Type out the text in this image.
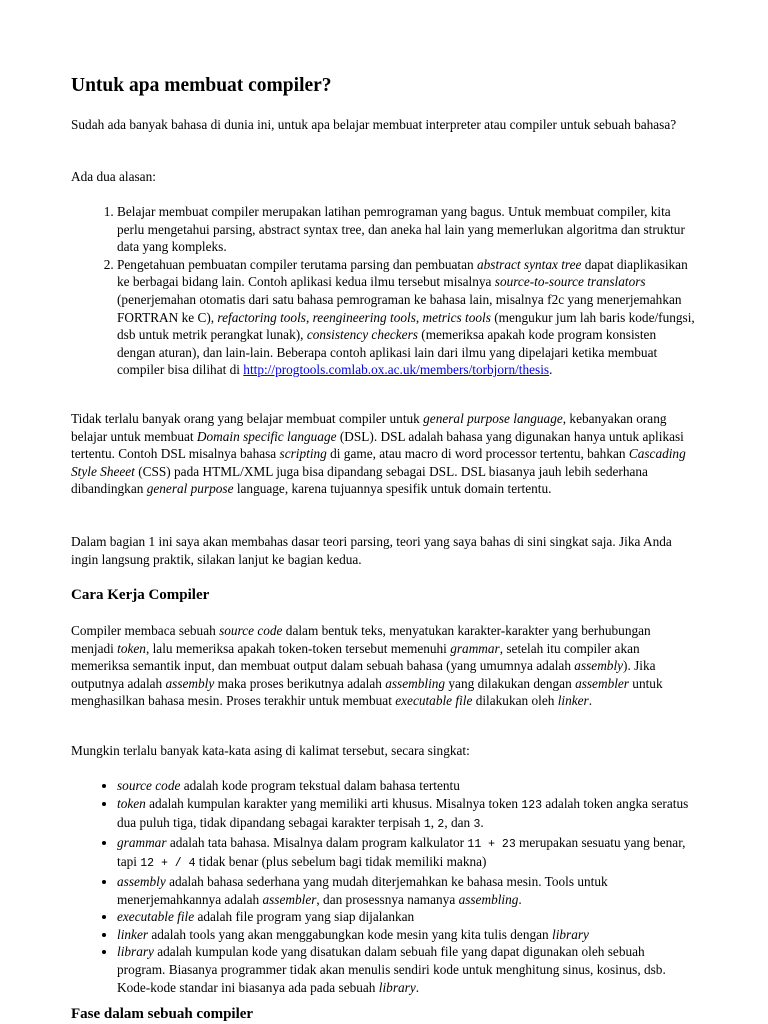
Untuk apa membuat compiler?

Sudah ada banyak bahasa di dunia ini, untuk apa belajar membuat interpreter atau compiler untuk sebuah bahasa?

Ada dua alasan:

1. Belajar membuat compiler merupakan latihan pemrograman yang bagus. Untuk membuat compiler, kita perlu mengetahui parsing, abstract syntax tree, dan aneka hal lain yang memerlukan algoritma dan struktur data yang kompleks.
2. Pengetahuan pembuatan compiler terutama parsing dan pembuatan abstract syntax tree dapat diaplikasikan ke berbagai bidang lain. Contoh aplikasi kedua ilmu tersebut misalnya source-to-source translators (penerjemahan otomatis dari satu bahasa pemrograman ke bahasa lain, misalnya f2c yang menerjemahkan FORTRAN ke C), refactoring tools, reengineering tools, metrics tools (mengukur jum lah baris kode/fungsi, dsb untuk metrik perangkat lunak), consistency checkers (memeriksa apakah kode program konsisten dengan aturan), dan lain-lain. Beberapa contoh aplikasi lain dari ilmu yang dipelajari ketika membuat compiler bisa dilihat di http://progtools.comlab.ox.ac.uk/members/torbjorn/thesis.

Tidak terlalu banyak orang yang belajar membuat compiler untuk general purpose language, kebanyakan orang belajar untuk membuat Domain specific language (DSL). DSL adalah bahasa yang digunakan hanya untuk aplikasi tertentu. Contoh DSL misalnya bahasa scripting di game, atau macro di word processor tertentu, bahkan Cascading Style Sheeet (CSS) pada HTML/XML juga bisa dipandang sebagai DSL. DSL biasanya jauh lebih sederhana dibandingkan general purpose language, karena tujuannya spesifik untuk domain tertentu.

Dalam bagian 1 ini saya akan membahas dasar teori parsing, teori yang saya bahas di sini singkat saja. Jika Anda ingin langsung praktik, silakan lanjut ke bagian kedua.

Cara Kerja Compiler

Compiler membaca sebuah source code dalam bentuk teks, menyatukan karakter-karakter yang berhubungan menjadi token, lalu memeriksa apakah token-token tersebut memenuhi grammar, setelah itu compiler akan memeriksa semantik input, dan membuat output dalam sebuah bahasa (yang umumnya adalah assembly). Jika outputnya adalah assembly maka proses berikutnya adalah assembling yang dilakukan dengan assembler untuk menghasilkan bahasa mesin. Proses terakhir untuk membuat executable file dilakukan oleh linker.

Mungkin terlalu banyak kata-kata asing di kalimat tersebut, secara singkat:

• source code adalah kode program tekstual dalam bahasa tertentu
• token adalah kumpulan karakter yang memiliki arti khusus. Misalnya token 123 adalah token angka seratus dua puluh tiga, tidak dipandang sebagai karakter terpisah 1, 2, dan 3.
• grammar adalah tata bahasa. Misalnya dalam program kalkulator 11 + 23 merupakan sesuatu yang benar, tapi 12 + / 4 tidak benar (plus sebelum bagi tidak memiliki makna)
• assembly adalah bahasa sederhana yang mudah diterjemahkan ke bahasa mesin. Tools untuk menerjemahkannya adalah assembler, dan prosessnya namanya assembling.
• executable file adalah file program yang siap dijalankan
• linker adalah tools yang akan menggabungkan kode mesin yang kita tulis dengan library
• library adalah kumpulan kode yang disatukan dalam sebuah file yang dapat digunakan oleh sebuah program. Biasanya programmer tidak akan menulis sendiri kode untuk menghitung sinus, kosinus, dsb. Kode-kode standar ini biasanya ada pada sebuah library.
Fase dalam sebuah compiler
